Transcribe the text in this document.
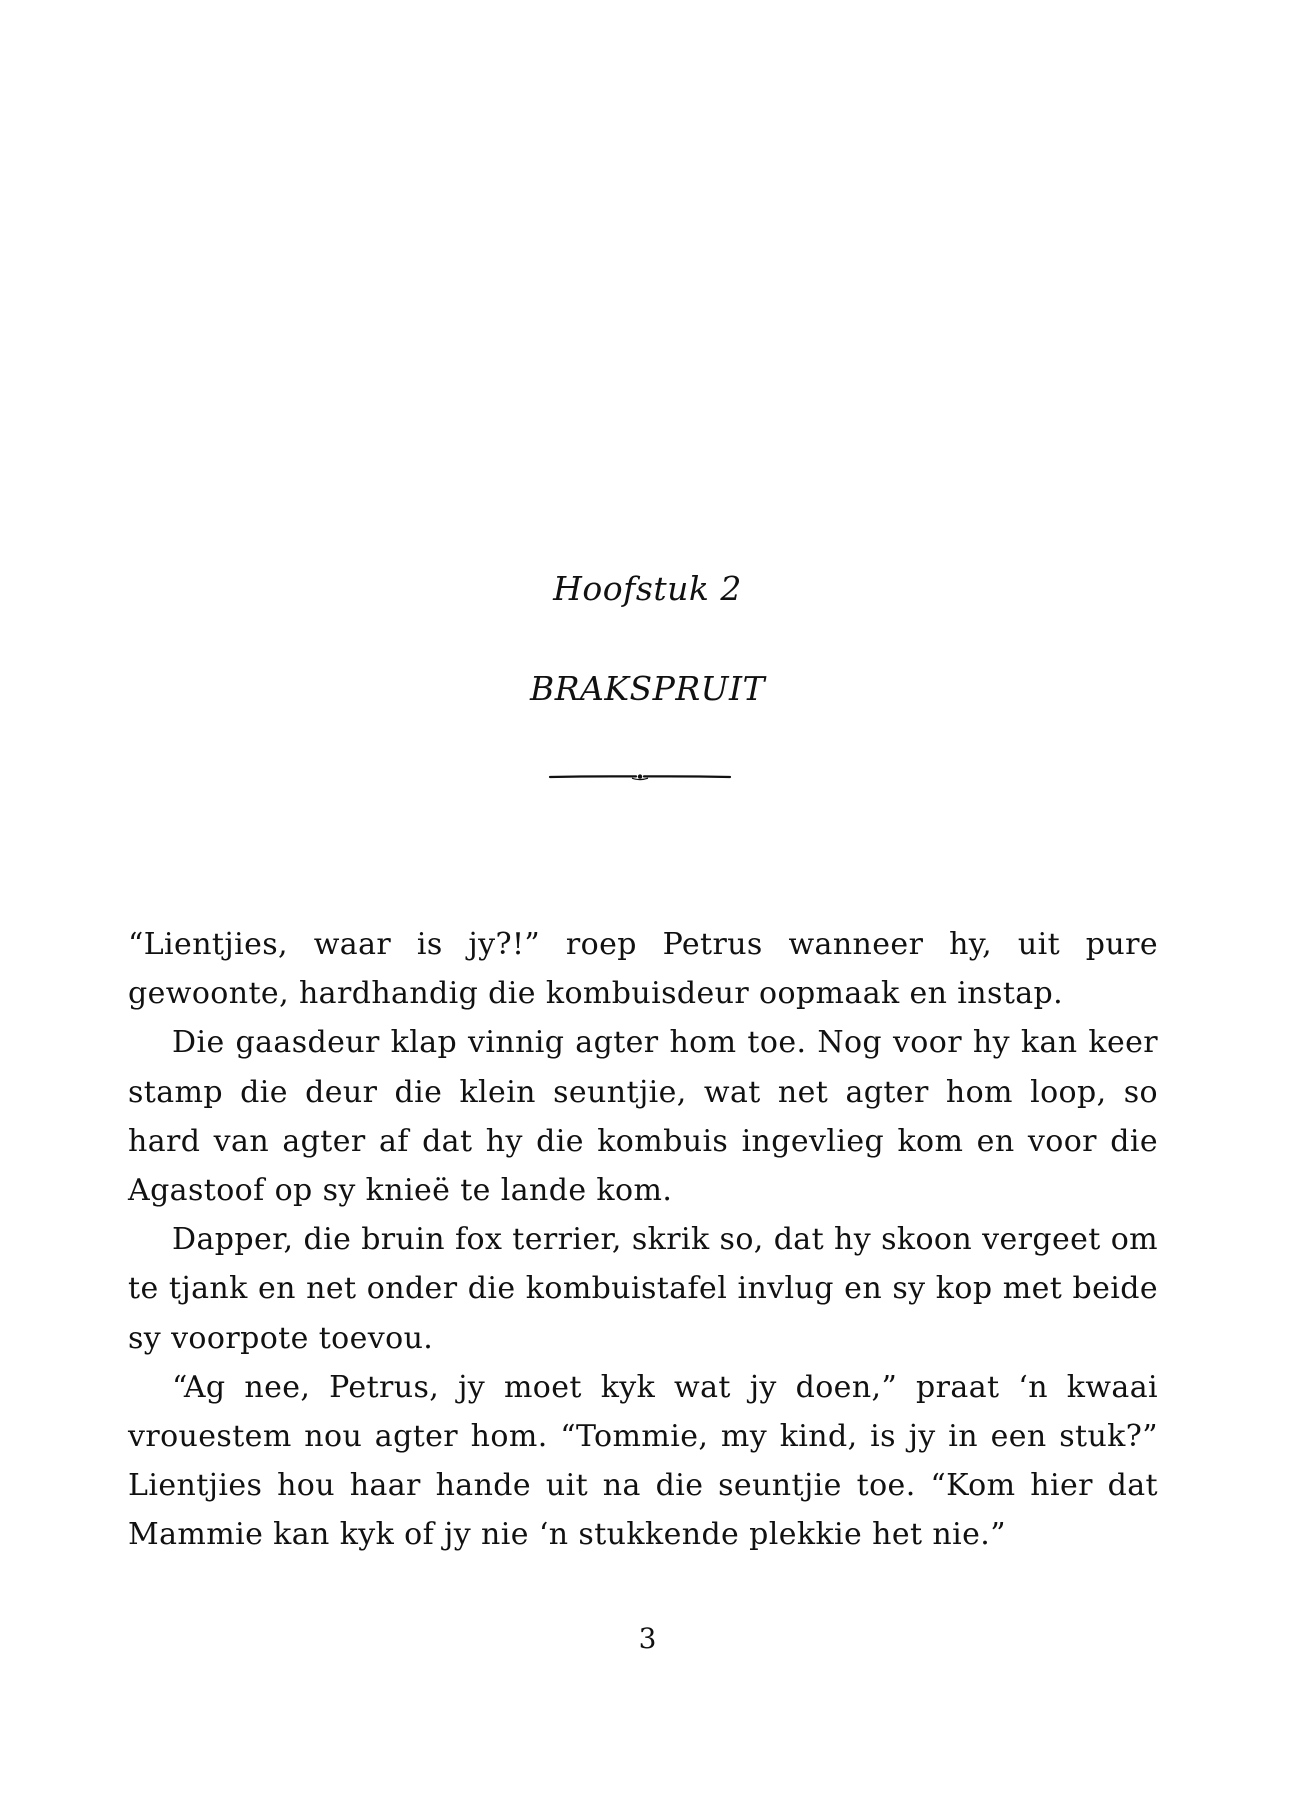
Hoofstuk 2
BRAKSPRUIT

“Lientjies, waar is jy?!” roep Petrus wanneer hy, uit pure gewoonte, hardhandig die kombuisdeur oopmaak en instap.

Die gaasdeur klap vinnig agter hom toe. Nog voor hy kan keer stamp die deur die klein seuntjie, wat net agter hom loop, so hard van agter af dat hy die kombuis ingevlieg kom en voor die Agastoof op sy knieë te lande kom.

Dapper, die bruin fox terrier, skrik so, dat hy skoon vergeet om te tjank en net onder die kombuistafel invlug en sy kop met beide sy voorpote toevou.

“Ag nee, Petrus, jy moet kyk wat jy doen,” praat ‘n kwaai vrouestem nou agter hom. “Tommie, my kind, is jy in een stuk?” Lientjies hou haar hande uit na die seuntjie toe. “Kom hier dat Mammie kan kyk of jy nie ‘n stukkende plekkie het nie.”

3
